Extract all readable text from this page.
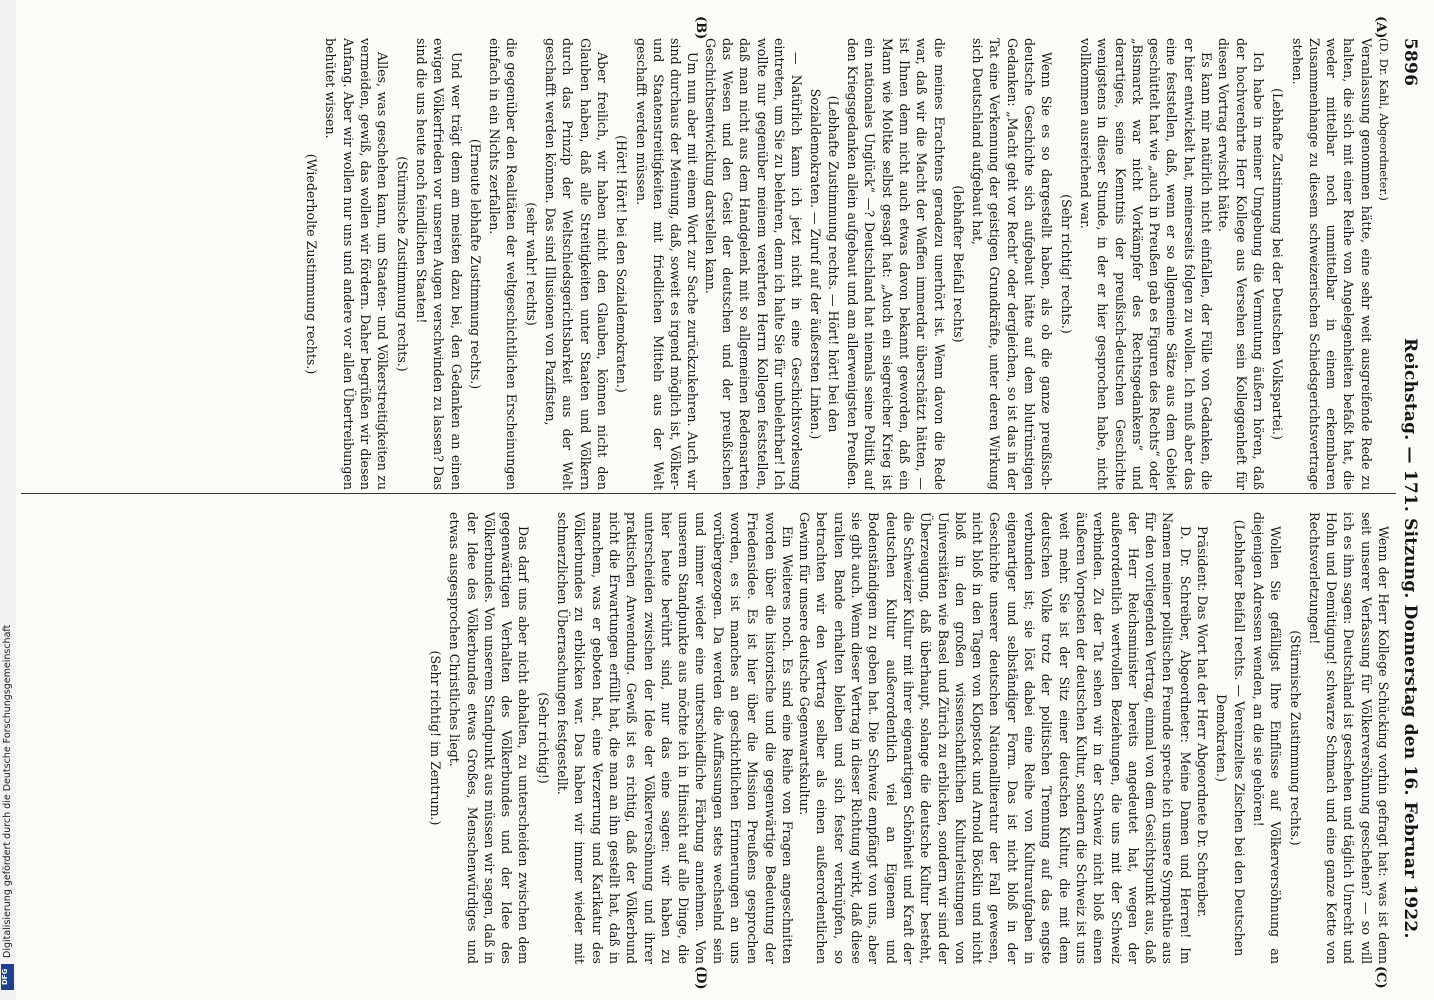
Digitalisierung gefördert durch die Deutsche Forschungsgemeinschaft
DFG
5896
Reichstag. — 171. Sitzung. Donnerstag den 16. Februar 1922.
(A)
(B)
(C)
(D)

(D. Dr. Kahl, Abgeordneter.)

Veranlassung genommen hätte, eine sehr weit ausgreifende Rede zu halten, die sich mit einer Reihe von Angelegenheiten befaßt hat, die weder mittelbar noch unmittelbar in einem erkennbaren Zusammenhange zu diesem schweizerischen Schiedsgerichtsvertrage stehen.

(Lebhafte Zustimmung bei der Deutschen Volkspartei.)

Ich habe in meiner Umgebung die Vermutung äußern hören, daß der hochverehrte Herr Kollege aus Versehen sein Kolleggenheft für diesen Vortrag erwischt hätte.

Es kann mir natürlich nicht einfallen, der Fülle von Gedanken, die er hier entwickelt hat, meinerseits folgen zu wollen. Ich muß aber das eine feststellen, daß, wenn er so allgemeine Sätze aus dem Gebiet geschüttelt hat wie „auch in Preußen gab es Figuren des Rechts“ oder „Bismarck war nicht Vorkämpfer des Rechtsgedankens“ und derartiges, seine Kenntnis der preußisch-deutschen Geschichte wenigstens in dieser Stunde, in der er hier gesprochen habe, nicht vollkommen ausreichend war.

(Sehr richtig! rechts.)

Wenn Sie es so dargestellt haben, als ob die ganze preußisch-deutsche Geschichte sich aufgebaut hätte auf dem blutrünstigen Gedanken: „Macht geht vor Recht“ oder dergleichen, so ist das in der Tat eine Verkennung der geistigen Grundkräfte, unter deren Wirkung sich Deutschland aufgebaut hat,

(lebhafter Beifall rechts)

die meines Erachtens geradezu unerhört ist. Wenn davon die Rede war, daß wir die Macht der Waffen immerdar überschätzt hätten, — ist Ihnen denn nicht auch etwas davon bekannt geworden, daß ein Mann wie Moltke selbst gesagt hat: „Auch ein siegreicher Krieg ist ein nationales Unglück“ —? Deutschland hat niemals seine Politik auf den Kriegsgedanken allein aufgebaut und am allerwenigsten Preußen.

(Lebhafte Zustimmung rechts. — Hört! hört! bei den Sozialdemokraten. — Zuruf auf der äußersten Linken.)

— Natürlich kann ich jetzt nicht in eine Geschichtsvorlesung eintreten, um Sie zu belehren, denn ich halte Sie für unbelehrbar! Ich wollte nur gegenüber meinem verehrten Herrn Kollegen feststellen, daß man nicht aus dem Handgelenk mit so allgemeinen Redensarten das Wesen und den Geist der deutschen und der preußischen Geschichtsentwicklung darstellen kann.

Um nun aber mit einem Wort zur Sache zurückzukehren. Auch wir sind durchaus der Meinung, daß, soweit es irgend möglich ist, Völker- und Staatenstreitigkeiten mit friedlichen Mitteln aus der Welt geschafft werden müssen.

(Hört! Hört! bei den Sozialdemokraten.)

Aber freilich, wir haben nicht den Glauben, können nicht den Glauben haben, daß alle Streitigkeiten unter Staaten und Völkern durch das Prinzip der Weltschiedsgerichtsbarkeit aus der Welt geschafft werden können. Das sind Illusionen von Pazifisten,

(sehr wahr! rechts)

die gegenüber den Realitäten der weltgeschichtlichen Erscheinungen einfach in ein Nichts zerfallen.

(Erneute lebhafte Zustimmung rechts.)

Und wer trägt denn am meisten dazu bei, den Gedanken an einen ewigen Völkerfrieden vor unseren Augen verschwinden zu lassen? Das sind die uns heute noch feindlichen Staaten!

(Stürmische Zustimmung rechts.)

Alles, was geschehen kann, um Staaten- und Völkerstreitigkeiten zu vermeiden, gewiß, das wollen wir fördern. Daher begrüßen wir diesen Anfang. Aber wir wollen nur uns und andere vor allen Übertreibungen behütet wissen.

(Wiederholte Zustimmung rechts.)

Wenn der Herr Kollege Schücking vorhin gefragt hat: was ist denn seit unserer Verfassung für Völkerversöhnung geschehen? — so will ich es ihm sagen: Deutschland ist geschehen und täglich Unrecht und Hohn und Demütigung! schwarze Schmach und eine ganze Kette von Rechtsverletzungen!

(Stürmische Zustimmung rechts.)

Wollen Sie gefälligst Ihre Einflüsse auf Völkerversöhnung an diejenigen Adressen wenden, an die sie gehören!

(Lebhafter Beifall rechts. — Vereinzeltes Zischen bei den Deutschen Demokraten.)

Präsident: Das Wort hat der Herr Abgeordnete Dr. Schreiber.

D. Dr. Schreiber, Abgeordneter: Meine Damen und Herren! Im Namen meiner politischen Freunde spreche ich unsere Sympathie aus für den vorliegenden Vertrag, einmal von dem Gesichtspunkt aus, daß der Herr Reichsminister bereits angedeutet hat, wegen der außerordentlich wertvollen Beziehungen, die uns mit der Schweiz verbinden. Zu der Tat sehen wir in der Schweiz nicht bloß einen äußeren Vorposten der deutschen Kultur, sondern die Schweiz ist uns weit mehr. Sie ist der Sitz einer deutschen Kultur, die mit dem deutschen Volke trotz der politischen Trennung auf das engste verbunden ist; sie löst dabei eine Reihe von Kulturaufgaben in eigenartiger und selbständiger Form. Das ist nicht bloß in der Geschichte unserer deutschen Nationalliteratur der Fall gewesen, nicht bloß in den Tagen von Klopstock und Arnold Böcklin und nicht bloß in den großen wissenschaftlichen Kulturleistungen von Universitäten wie Basel und Zürich zu erblicken, sondern wir sind der Überzeugung, daß überhaupt, solange die deutsche Kultur besteht, die Schweizer Kultur mit ihrer eigenartigen Schönheit und Kraft der deutschen Kultur außerordentlich viel an Eigenem und Bodenständigem zu geben hat. Die Schweiz empfängt von uns, aber sie gibt auch. Wenn dieser Vertrag in dieser Richtung wirkt, daß diese uralten Bande erhalten bleiben und sich fester verknüpfen, so betrachten wir den Vertrag selber als einen außerordentlichen Gewinn für unsere deutsche Gegenwartskultur.

Ein Weiteres noch. Es sind eine Reihe von Fragen angeschnitten worden über die historische und die gegenwärtige Bedeutung der Friedensidee. Es ist hier über die Mission Preußens gesprochen worden, es ist manches an geschichtlichen Erinnerungen an uns vorübergezogen. Da werden die Auffassungen stets wechselnd sein und immer wieder eine unterschiedliche Färbung annehmen. Von unserem Standpunkte aus möchte ich in Hinsicht auf alle Dinge, die hier heute berührt sind, nur das eine sagen: wir haben zu unterscheiden zwischen der Idee der Völkerversöhnung und ihrer praktischen Anwendung. Gewiß ist es richtig, daß der Völkerbund nicht die Erwartungen erfüllt hat, die man an ihn gestellt hat, daß in manchem, was er geboten hat, eine Verzerrung und Karikatur des Völkerbundes zu erblicken war. Das haben wir immer wieder mit schmerzlichen Überraschungen festgestellt.

(Sehr richtig!)

Das darf uns aber nicht abhalten, zu unterscheiden zwischen dem gegenwärtigen Verhalten des Völkerbundes und der Idee des Völkerbundes. Von unserem Standpunkt aus müssen wir sagen, daß in der Idee des Völkerbundes etwas Großes, Menschenwürdiges und etwas ausgesprochen Christliches liegt.

(Sehr richtig! im Zentrum.)
